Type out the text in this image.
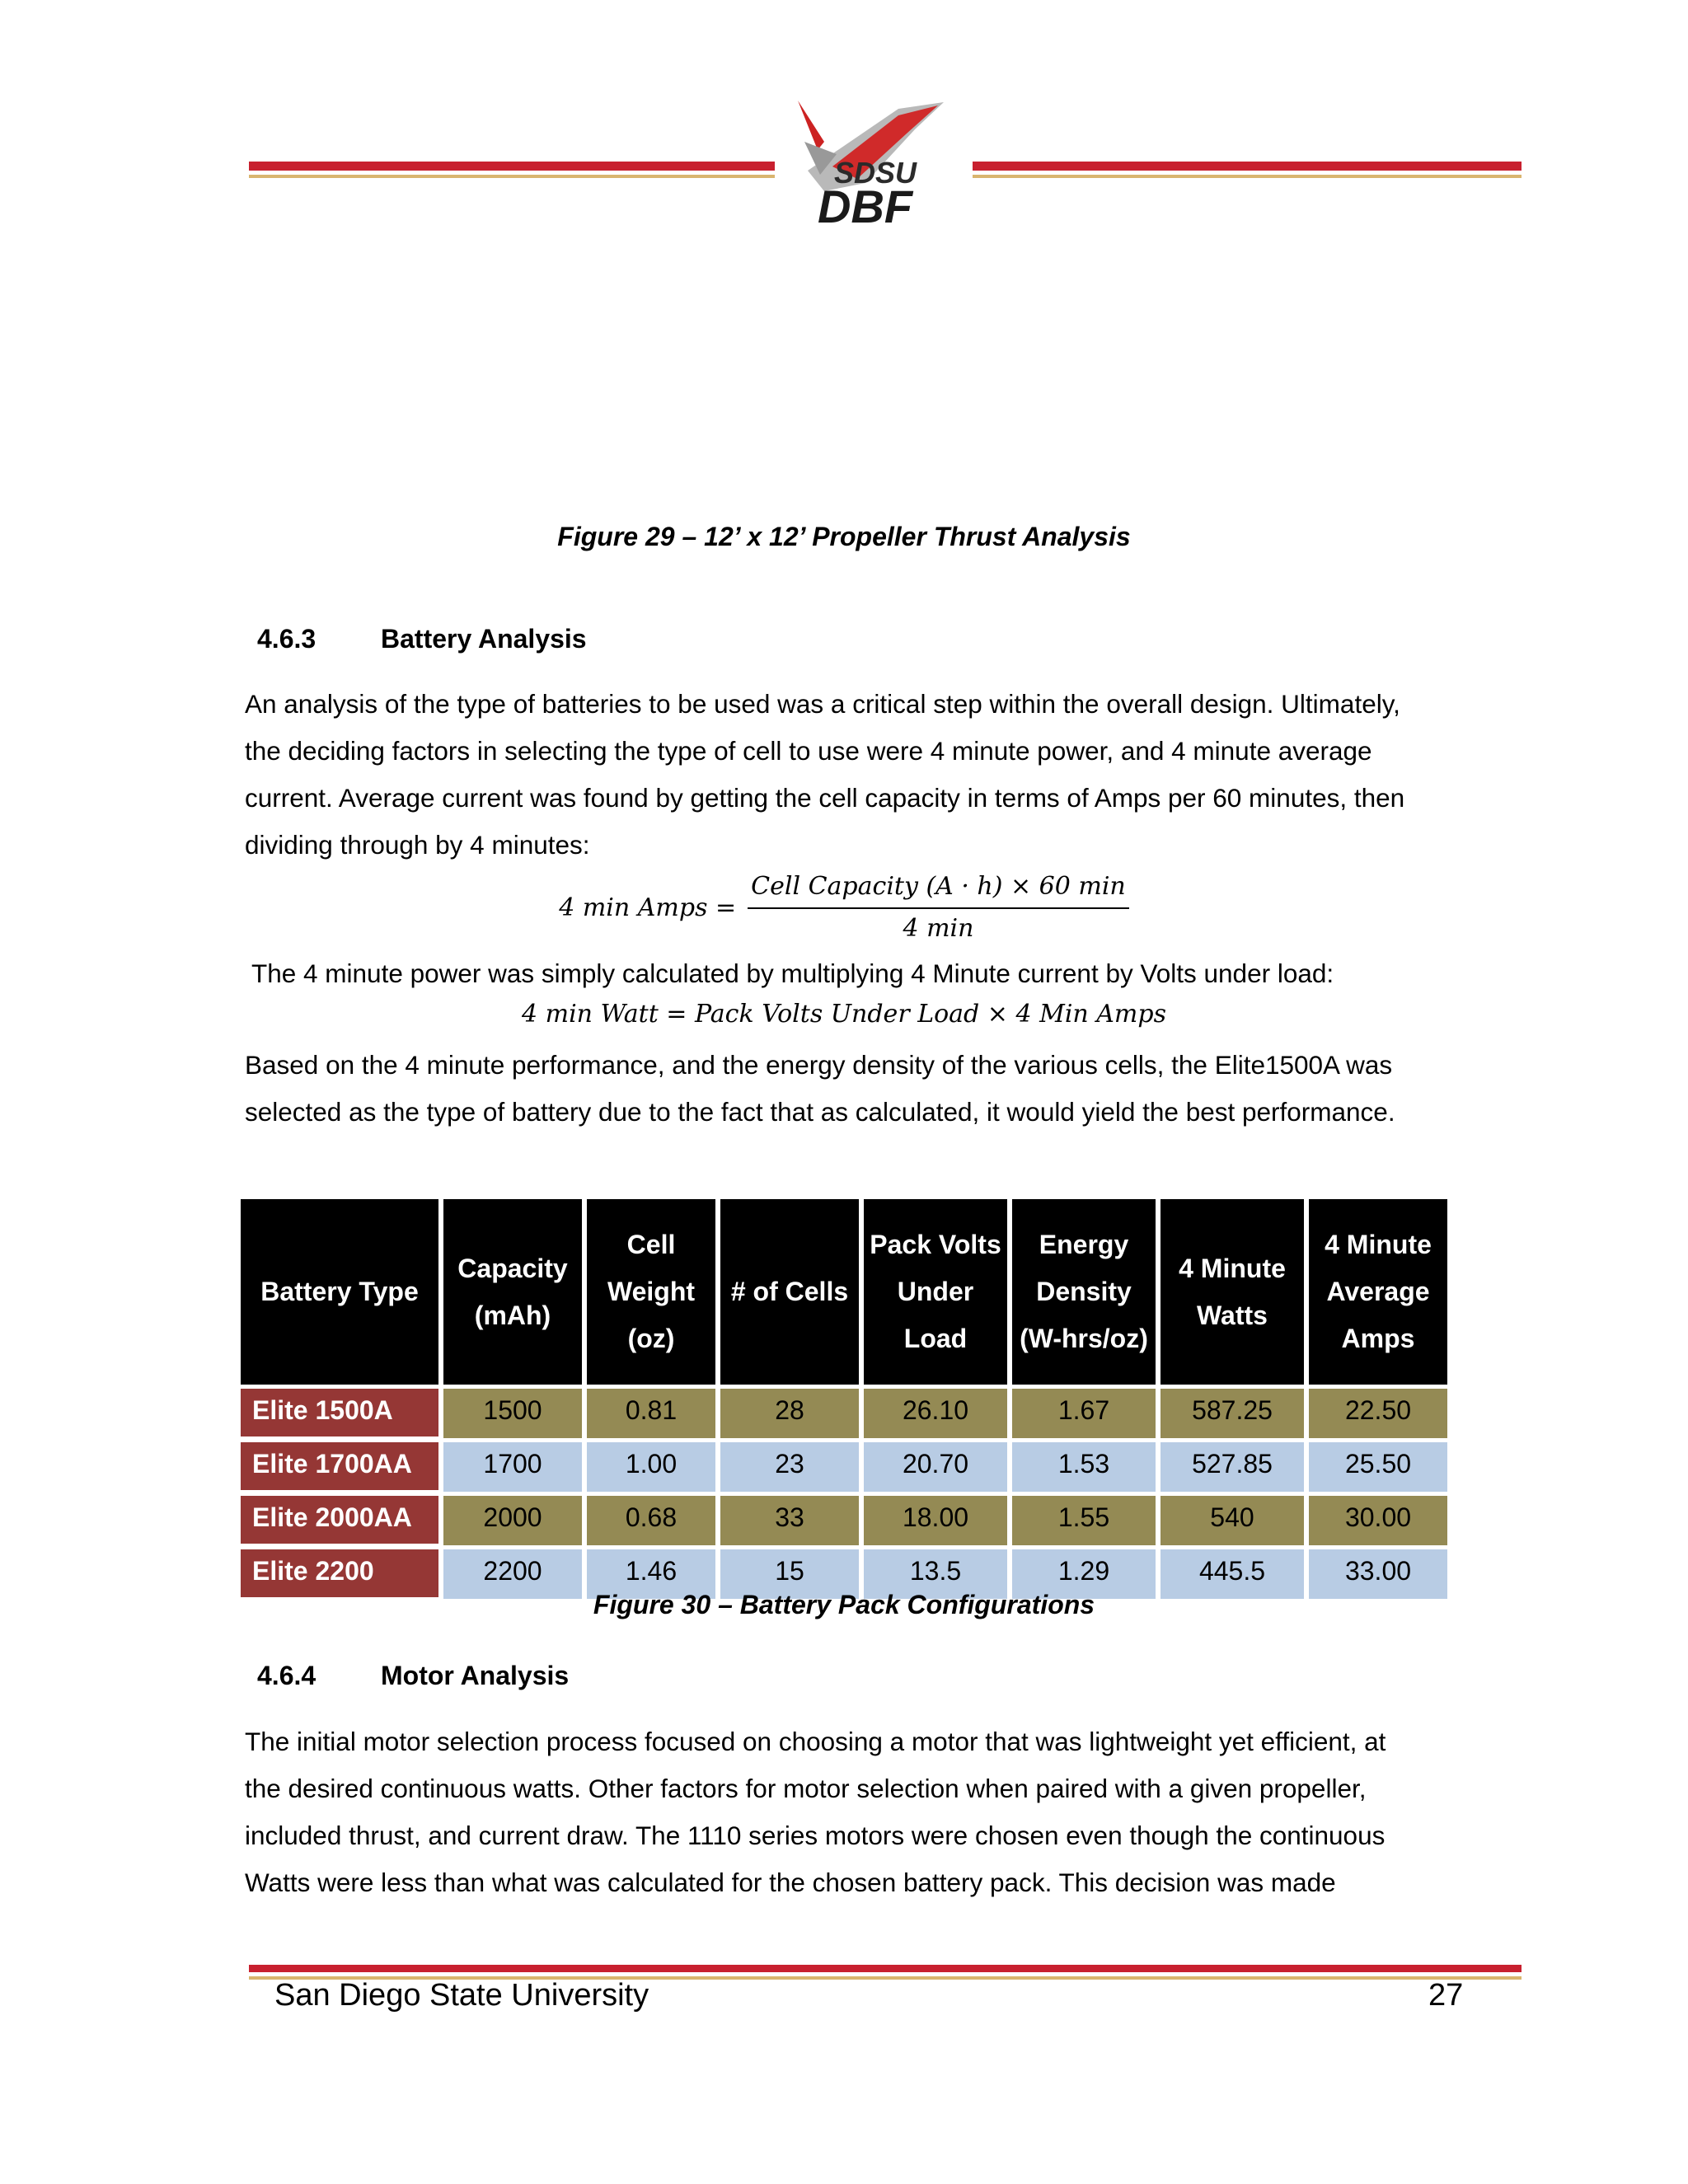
SDSU
DBF
Figure 29 – 12’ x 12’ Propeller Thrust Analysis
4.6.3 Battery Analysis

An analysis of the type of batteries to be used was a critical step within the overall design. Ultimately,

the deciding factors in selecting the type of cell to use were 4 minute power, and 4 minute average

current. Average current was found by getting the cell capacity in terms of Amps per 60 minutes, then

dividing through by 4 minutes:

4 min Amps = $\frac{\text{Cell Capacity (A · h) × 60 min}}{4 \min}$

The 4 minute power was simply calculated by multiplying 4 Minute current by Volts under load:

4 min Watt = Pack Volts Under Load × 4 Min Amps

Based on the 4 minute performance, and the energy density of the various cells, the Elite1500A was

selected as the type of battery due to the fact that as calculated, it would yield the best performance.

Battery Type	Capacity
(mAh)	Cell
Weight
(oz)	# of Cells	Pack Volts
Under
Load	Energy
Density
(W-hrs/oz)	4 Minute
Watts	4 Minute
Average
Amps
Elite 1500A	1500	0.81	28	26.10	1.67	587.25	22.50
Elite 1700AA	1700	1.00	23	20.70	1.53	527.85	25.50
Elite 2000AA	2000	0.68	33	18.00	1.55	540	30.00
Elite 2200	2200	1.46	15	13.5	1.29	445.5	33.00
Figure 30 – Battery Pack Configurations
4.6.4 Motor Analysis

The initial motor selection process focused on choosing a motor that was lightweight yet efficient, at

the desired continuous watts. Other factors for motor selection when paired with a given propeller,

included thrust, and current draw. The 1110 series motors were chosen even though the continuous

Watts were less than what was calculated for the chosen battery pack. This decision was made

San Diego State University	27
